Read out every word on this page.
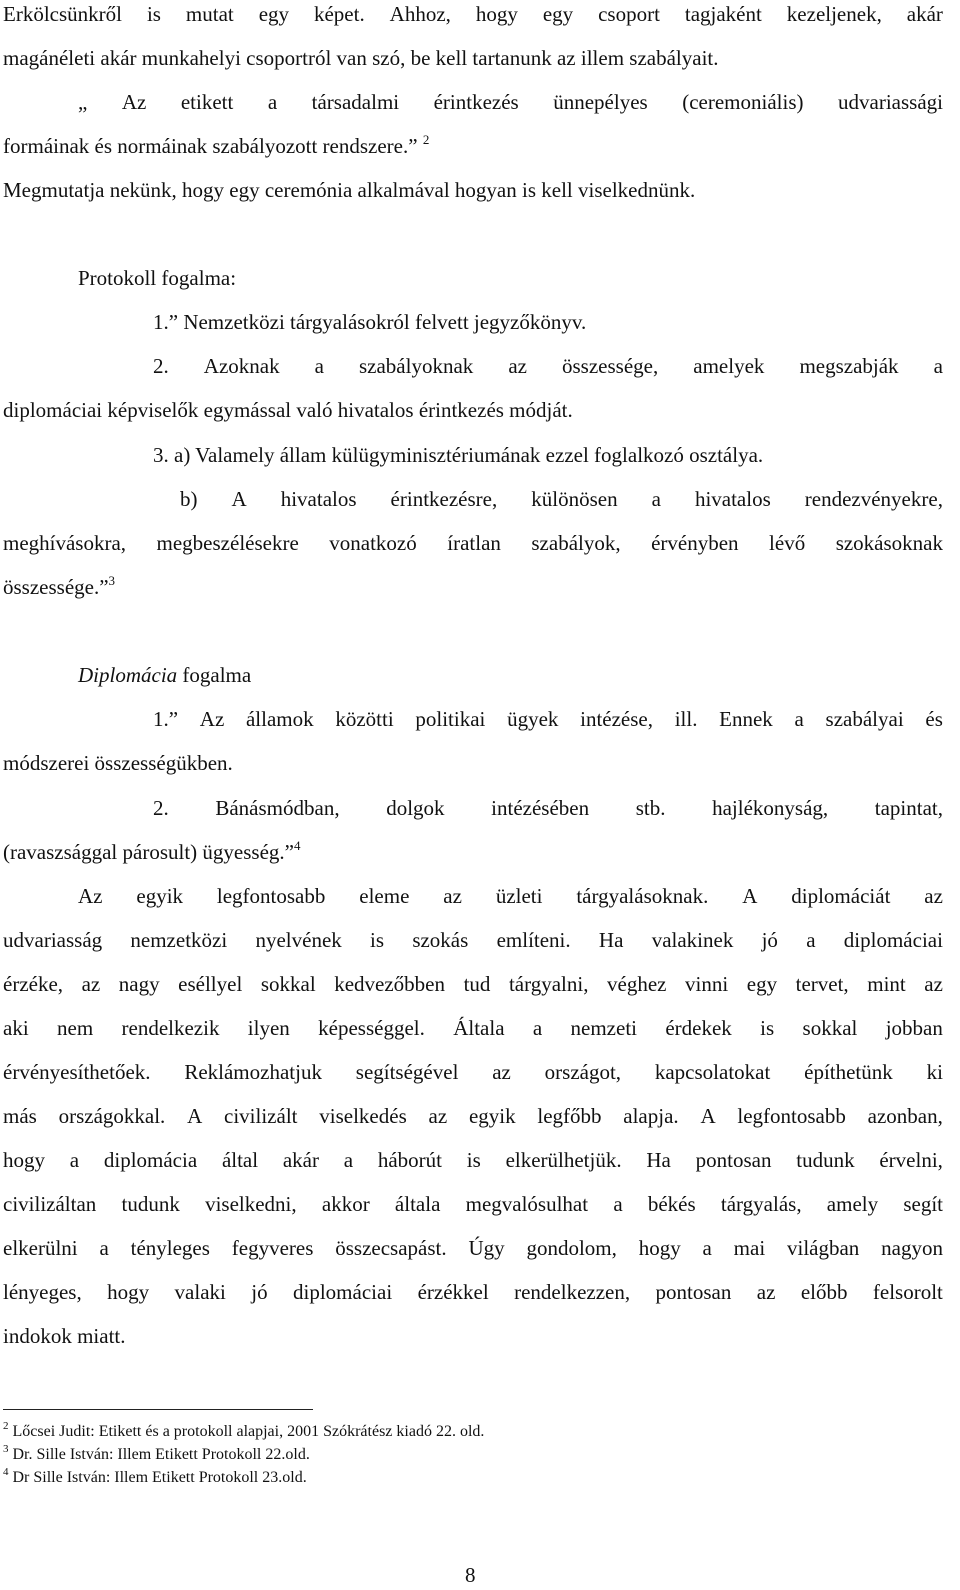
Erkölcsünkről is mutat egy képet. Ahhoz, hogy egy csoport tagjaként kezeljenek, akár
magánéleti akár munkahelyi csoportról van szó, be kell tartanunk az illem szabályait.
„ Az etikett a társadalmi érintkezés ünnepélyes (ceremoniális) udvariassági
formáinak és normáinak szabályozott rendszere.” $^2$
Megmutatja nekünk, hogy egy ceremónia alkalmával hogyan is kell viselkednünk.
Protokoll fogalma:
1.” Nemzetközi tárgyalásokról felvett jegyzőkönyv.
2. Azoknak a szabályoknak az összessége, amelyek megszabják a
diplomáciai képviselők egymással való hivatalos érintkezés módját.
3. a) Valamely állam külügyminisztériumának ezzel foglalkozó osztálya.
b) A hivatalos érintkezésre, különösen a hivatalos rendezvényekre,
meghívásokra, megbeszélésekre vonatkozó íratlan szabályok, érvényben lévő szokásoknak
összessége.”$^3$
Diplomácia fogalma
1.” Az államok közötti politikai ügyek intézése, ill. Ennek a szabályai és
módszerei összességükben.
2. Bánásmódban, dolgok intézésében stb. hajlékonyság, tapintat,
(ravaszsággal párosult) ügyesség.”$^4$
Az egyik legfontosabb eleme az üzleti tárgyalásoknak. A diplomáciát az
udvariasság nemzetközi nyelvének is szokás említeni. Ha valakinek jó a diplomáciai
érzéke, az nagy eséllyel sokkal kedvezőbben tud tárgyalni, véghez vinni egy tervet, mint az
aki nem rendelkezik ilyen képességgel. Általa a nemzeti érdekek is sokkal jobban
érvényesíthetőek. Reklámozhatjuk segítségével az országot, kapcsolatokat építhetünk ki
más országokkal. A civilizált viselkedés az egyik legfőbb alapja. A legfontosabb azonban,
hogy a diplomácia által akár a háborút is elkerülhetjük. Ha pontosan tudunk érvelni,
civilizáltan tudunk viselkedni, akkor általa megvalósulhat a békés tárgyalás, amely segít
elkerülni a tényleges fegyveres összecsapást. Úgy gondolom, hogy a mai világban nagyon
lényeges, hogy valaki jó diplomáciai érzékkel rendelkezzen, pontosan az előbb felsorolt
indokok miatt.
$^2$ Lőcsei Judit: Etikett és a protokoll alapjai, 2001 Szókrátész kiadó 22. old.
$^3$ Dr. Sille István: Illem Etikett Protokoll 22.old.
$^4$ Dr Sille István: Illem Etikett Protokoll 23.old.
8
